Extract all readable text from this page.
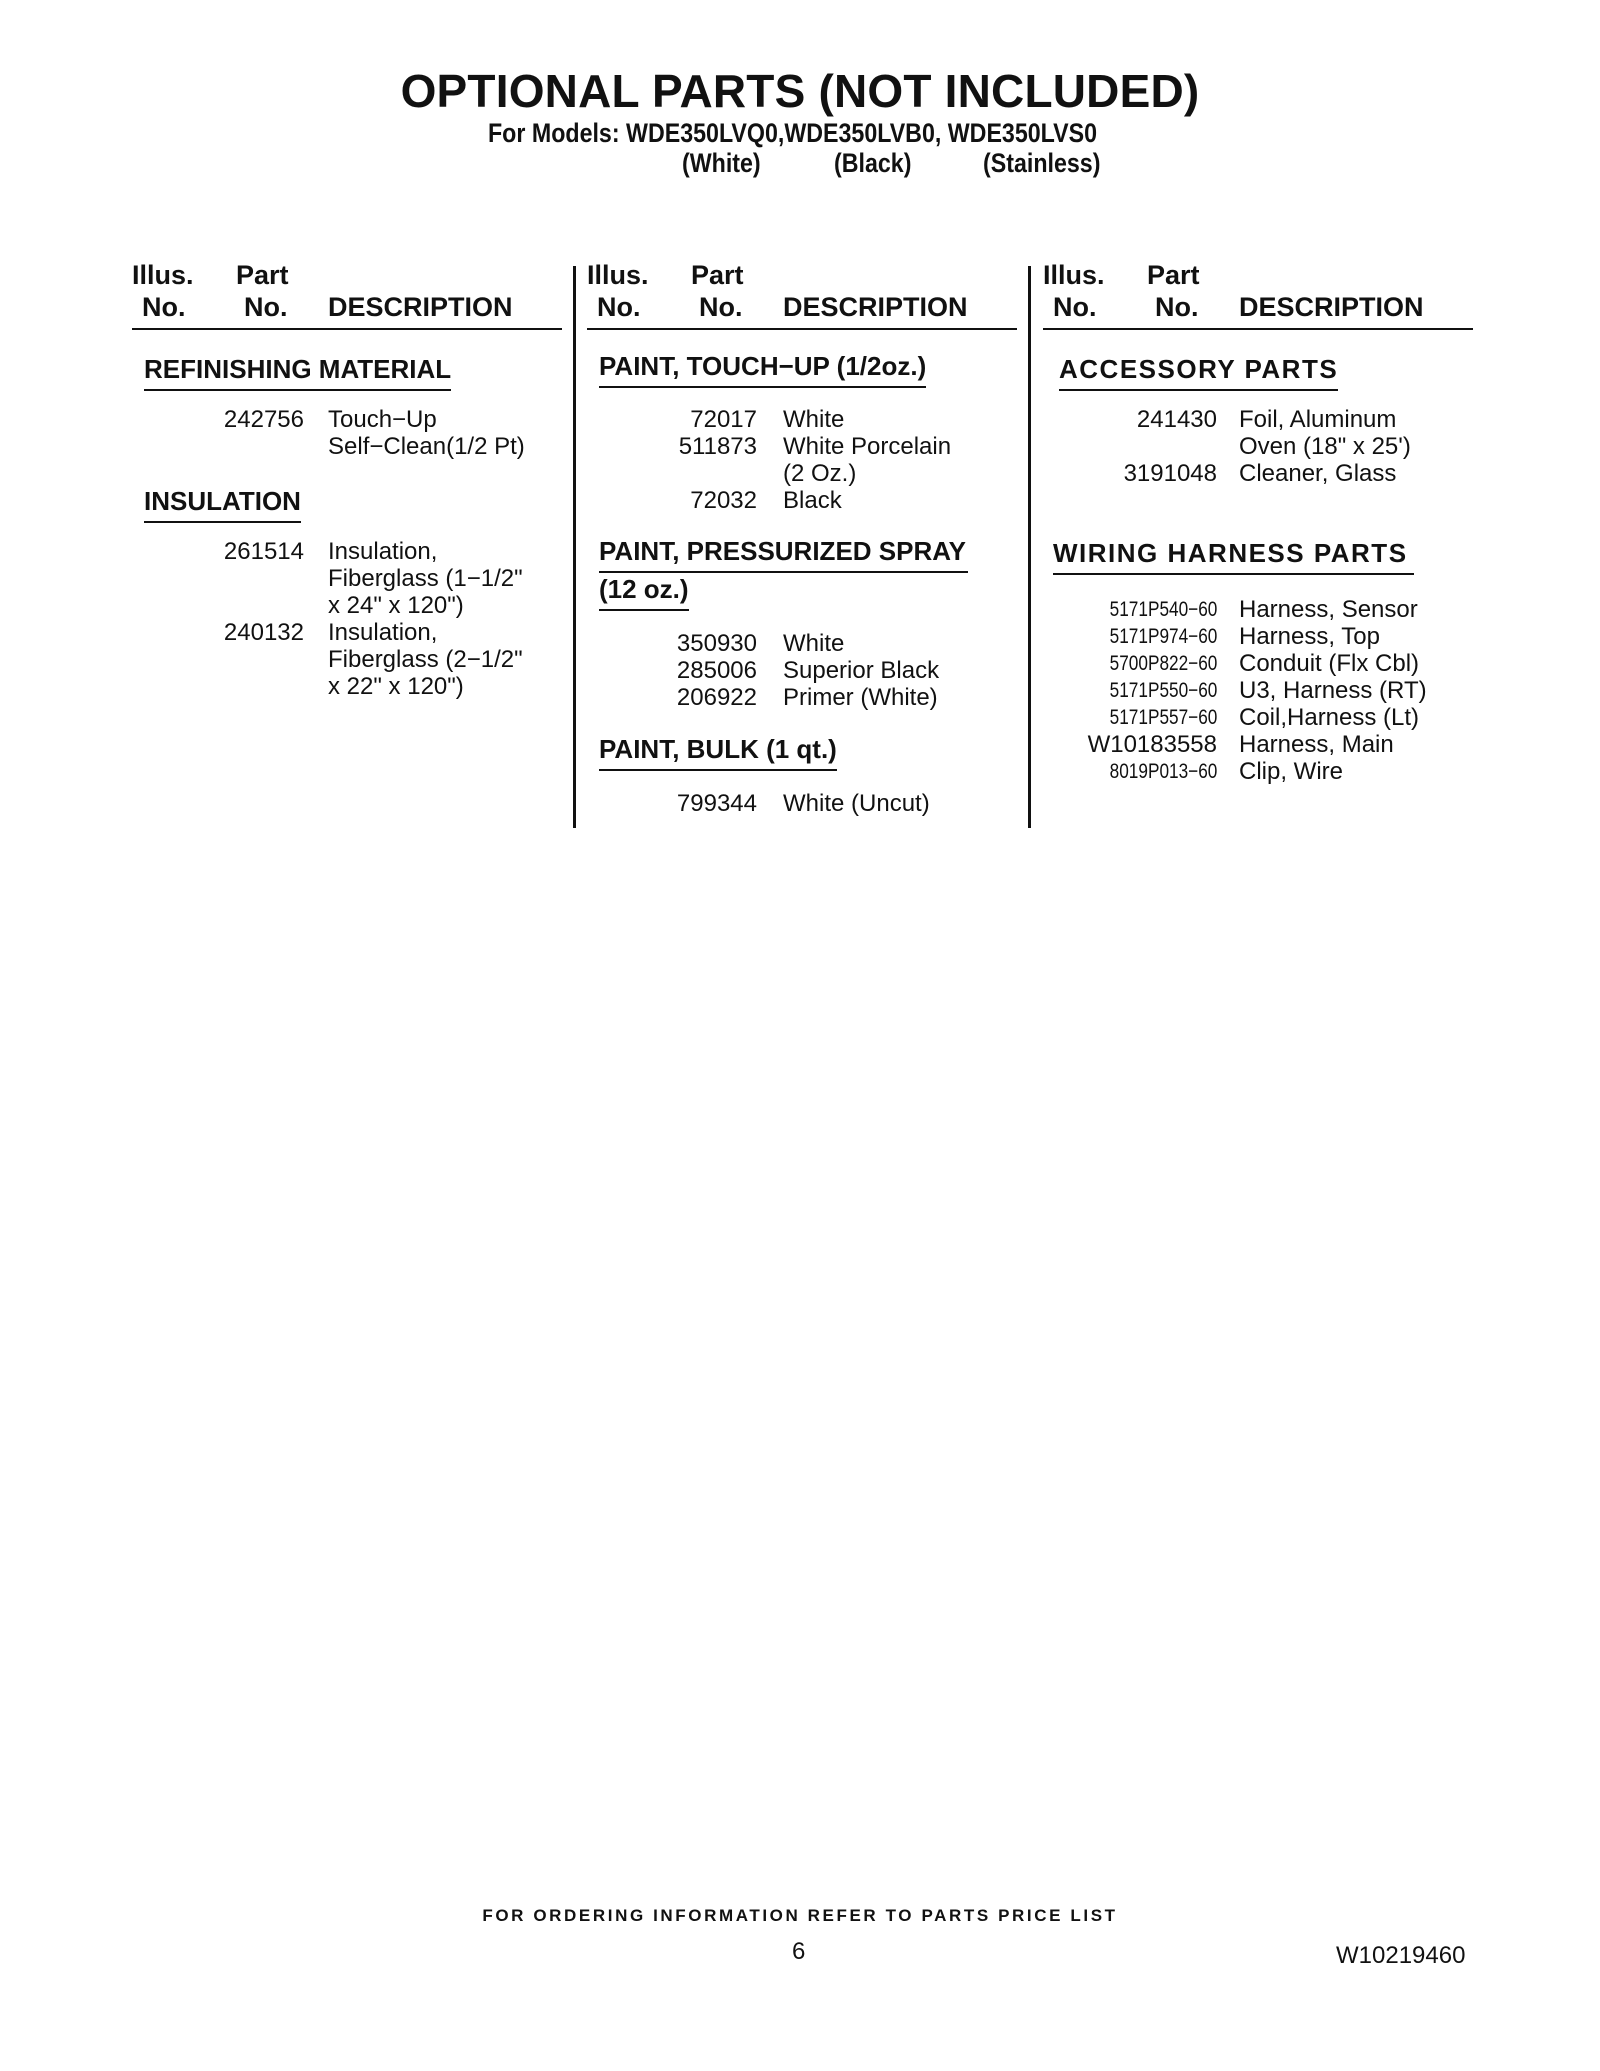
OPTIONAL PARTS (NOT INCLUDED)
For Models: WDE350LVQ0,WDE350LVB0, WDE350LVS0
(White)	(Black)	(Stainless)
Illus.
No.
Part
No. DESCRIPTION
REFINISHING MATERIAL
242756 Touch−Up
Self−Clean(1/2 Pt)
INSULATION
261514 Insulation,
Fiberglass (1−1/2"
x 24" x 120")
240132 Insulation,
Fiberglass (2−1/2"
x 22" x 120")
Illus.
No.
Part
No. DESCRIPTION
PAINT, TOUCH−UP (1/2oz.)
72017 White
511873 White Porcelain
(2 Oz.)
72032 Black
PAINT, PRESSURIZED SPRAY
(12 oz.)
350930 White
285006 Superior Black
206922 Primer (White)
PAINT, BULK (1 qt.)
799344 White (Uncut)
Illus.
No.
Part
No. DESCRIPTION
ACCESSORY PARTS
241430 Foil, Aluminum
Oven (18" x 25')
3191048 Cleaner, Glass
WIRING HARNESS PARTS
5171P540−60 Harness, Sensor
5171P974−60 Harness, Top
5700P822−60 Conduit (Flx Cbl)
5171P550−60 U3, Harness (RT)
5171P557−60 Coil,Harness (Lt)
W10183558 Harness, Main
8019P013−60 Clip, Wire
FOR ORDERING INFORMATION REFER TO PARTS PRICE LIST
6	W10219460
